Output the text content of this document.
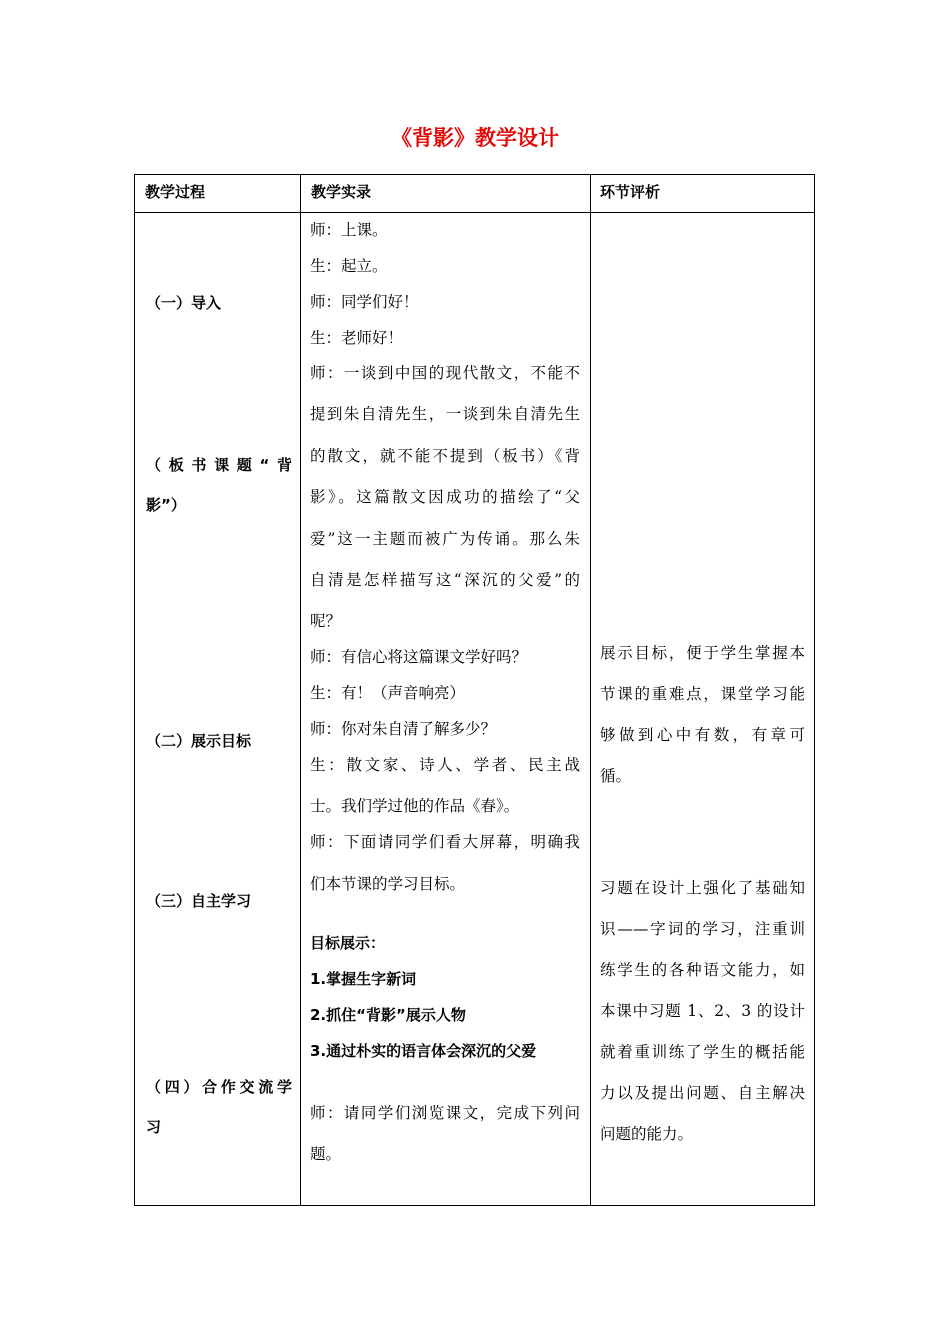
《背影》教学设计
教学过程	教学实录	环节评析
（一）导入
（板书课题“背
影”）
（二）展示目标
（三）自主学习
（四）合作交流学
习
师：上课。
生：起立。
师：同学们好！
生：老师好！
师：一谈到中国的现代散文，不能不
提到朱自清先生，一谈到朱自清先生
的散文，就不能不提到（板书）《背
影》。这篇散文因成功的描绘了“父
爱”这一主题而被广为传诵。那么朱
自清是怎样描写这“深沉的父爱”的
呢？
师：有信心将这篇课文学好吗？
生：有！（声音响亮）
师：你对朱自清了解多少？
生：散文家、诗人、学者、民主战
士。我们学过他的作品《春》。
师：下面请同学们看大屏幕，明确我
们本节课的学习目标。
目标展示：
1.掌握生字新词
2.抓住“背影”展示人物
3.通过朴实的语言体会深沉的父爱
师：请同学们浏览课文，完成下列问
题。
展示目标，便于学生掌握本
节课的重难点，课堂学习能
够做到心中有数，有章可
循。
习题在设计上强化了基础知
识——字词的学习，注重训
练学生的各种语文能力，如
本课中习题 1、2、3 的设计
就着重训练了学生的概括能
力以及提出问题、自主解决
问题的能力。
